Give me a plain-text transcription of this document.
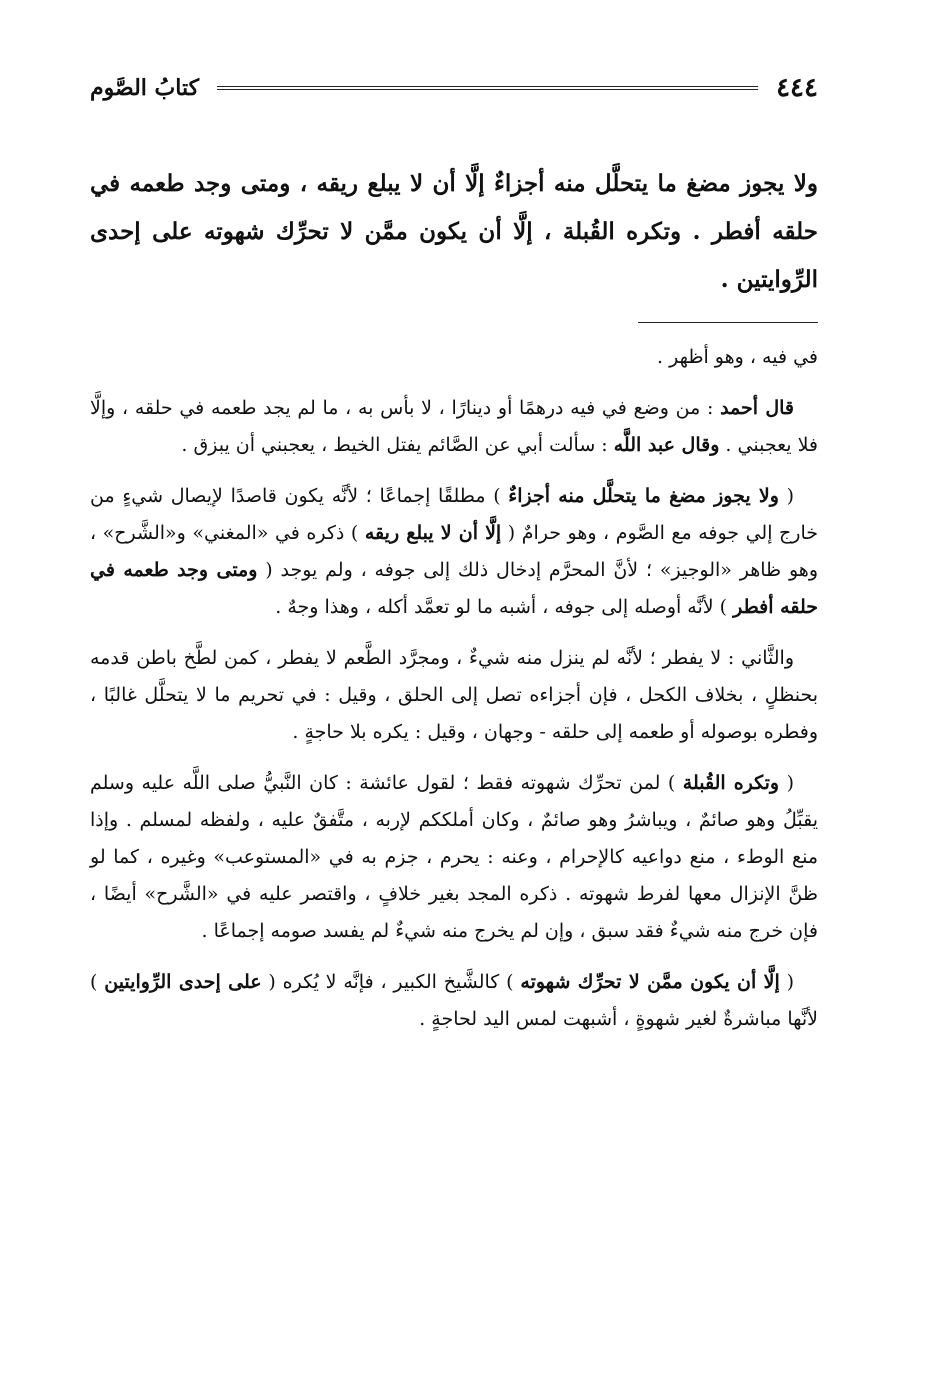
٤٤٤
كتابُ الصَّوم
ولا يجوز مضغ ما يتحلَّل منه أجزاءٌ إلَّا أن لا يبلع ريقه ، ومتى وجد طعمه في حلقه أفطر . وتكره القُبلة ، إلَّا أن يكون ممَّن لا تحرِّك شهوته على إحدى الرِّوايتين .

في فيه ، وهو أظهر .

قال أحمد : من وضع في فيه درهمًا أو دينارًا ، لا بأس به ، ما لم يجد طعمه في حلقه ، وإلَّا فلا يعجبني . وقال عبد اللَّه : سألت أبي عن الصَّائم يفتل الخيط ، يعجبني أن يبزق .

( ولا يجوز مضغ ما يتحلَّل منه أجزاءٌ ) مطلقًا إجماعًا ؛ لأنَّه يكون قاصدًا لإيصال شيءٍ من خارج إلي جوفه مع الصَّوم ، وهو حرامٌ ( إلَّا أن لا يبلع ريقه ) ذكره في «المغني» و«الشَّرح» ، وهو ظاهر «الوجيز» ؛ لأنَّ المحرَّم إدخال ذلك إلى جوفه ، ولم يوجد ( ومتى وجد طعمه في حلقه أفطر ) لأنَّه أوصله إلى جوفه ، أشبه ما لو تعمَّد أكله ، وهذا وجهٌ .

والثَّاني : لا يفطر ؛ لأنَّه لم ينزل منه شيءٌ ، ومجرَّد الطَّعم لا يفطر ، كمن لطَّخ باطن قدمه بحنظلٍ ، بخلاف الكحل ، فإن أجزاءه تصل إلى الحلق ، وقيل : في تحريم ما لا يتحلَّل غالبًا ، وفطره بوصوله أو طعمه إلى حلقه - وجهان ، وقيل : يكره بلا حاجةٍ .

( وتكره القُبلة ) لمن تحرِّك شهوته فقط ؛ لقول عائشة : كان النَّبيُّ صلى اللَّه عليه وسلم يقبِّلُ وهو صائمٌ ، ويباشرُ وهو صائمٌ ، وكان أملككم لإربه ، متَّفقٌ عليه ، ولفظه لمسلم . وإذا منع الوطء ، منع دواعيه كالإحرام ، وعنه : يحرم ، جزم به في «المستوعب» وغيره ، كما لو ظنَّ الإنزال معها لفرط شهوته . ذكره المجد بغير خلافٍ ، واقتصر عليه في «الشَّرح» أيضًا ، فإن خرج منه شيءٌ فقد سبق ، وإن لم يخرج منه شيءٌ لم يفسد صومه إجماعًا .

( إلَّا أن يكون ممَّن لا تحرِّك شهوته ) كالشَّيخ الكبير ، فإنَّه لا يُكره ( على إحدى الرِّوايتين ) لأنَّها مباشرةٌ لغير شهوةٍ ، أشبهت لمس اليد لحاجةٍ .
